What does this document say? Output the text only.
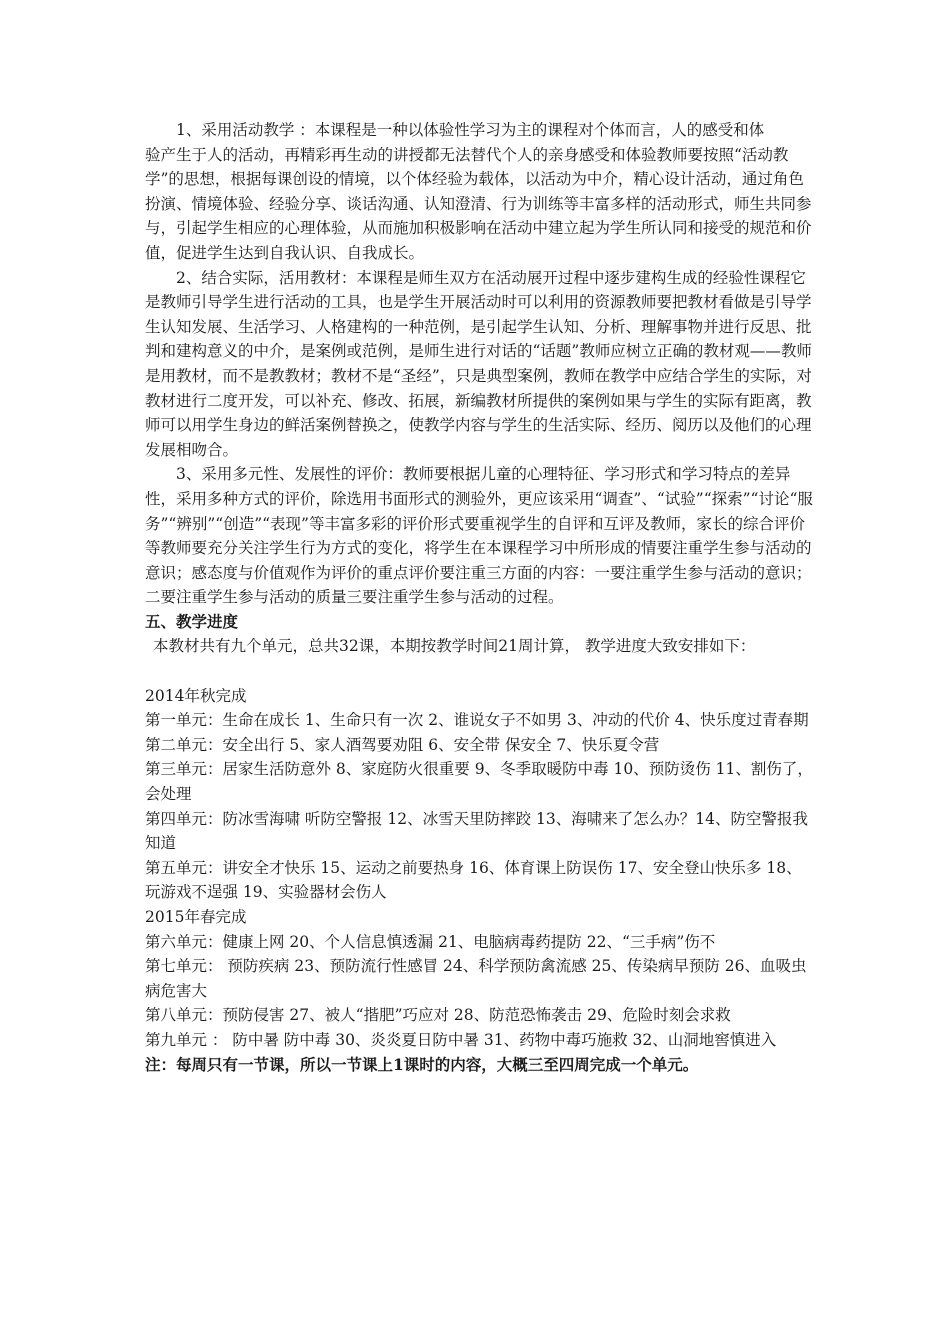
1、采用活动教学 ：本课程是一种以体验性学习为主的课程对个体而言，人的感受和体

验产生于人的活动，再精彩再生动的讲授都无法替代个人的亲身感受和体验教师要按照“活动教学”的思想，根据每课创设的情境，以个体经验为载体，以活动为中介，精心设计活动，通过角色扮演、情境体验、经验分享、谈话沟通、认知澄清、行为训练等丰富多样的活动形式，师生共同参与，引起学生相应的心理体验，从而施加积极影响在活动中建立起为学生所认同和接受的规范和价值，促进学生达到自我认识、自我成长。

2、结合实际，活用教材：本课程是师生双方在活动展开过程中逐步建构生成的经验性课程它是教师引导学生进行活动的工具，也是学生开展活动时可以利用的资源教师要把教材看做是引导学生认知发展、生活学习、人格建构的一种范例，是引起学生认知、分析、理解事物并进行反思、批判和建构意义的中介，是案例或范例，是师生进行对话的“话题”教师应树立正确的教材观——教师是用教材，而不是教教材；教材不是“圣经”，只是典型案例，教师在教学中应结合学生的实际，对教材进行二度开发，可以补充、修改、拓展，新编教材所提供的案例如果与学生的实际有距离，教师可以用学生身边的鲜活案例替换之，使教学内容与学生的生活实际、经历、阅历以及他们的心理发展相吻合。

3、采用多元性、发展性的评价：教师要根据儿童的心理特征、学习形式和学习特点的差异性，采用多种方式的评价，除选用书面形式的测验外，更应该采用“调查”、“试验”“探索”“讨论“服务”“辨别”“创造”“表现”等丰富多彩的评价形式要重视学生的自评和互评及教师，家长的综合评价等教师要充分关注学生行为方式的变化，将学生在本课程学习中所形成的情要注重学生参与活动的意识；感态度与价值观作为评价的重点评价要注重三方面的内容：一要注重学生参与活动的意识；二要注重学生参与活动的质量三要注重学生参与活动的过程。

五、教学进度

本教材共有九个单元，总共32课，本期按教学时间21周计算， 教学进度大致安排如下：

2014年秋完成

第一单元：生命在成长 1、生命只有一次 2、谁说女子不如男 3、冲动的代价 4、快乐度过青春期

第二单元：安全出行 5、家人酒驾要劝阻 6、安全带 保安全 7、快乐夏令营

第三单元：居家生活防意外 8、家庭防火很重要 9、冬季取暖防中毒 10、预防烫伤 11、割伤了，会处理

第四单元：防冰雪海啸 听防空警报 12、冰雪天里防摔跤 13、海啸来了怎么办？14、防空警报我知道

第五单元：讲安全才快乐 15、运动之前要热身 16、体育课上防误伤 17、安全登山快乐多 18、玩游戏不逞强 19、实验器材会伤人

2015年春完成

第六单元：健康上网 20、个人信息慎透漏 21、电脑病毒药提防 22、“三手病”伤不

第七单元： 预防疾病 23、预防流行性感冒 24、科学预防禽流感 25、传染病早预防 26、血吸虫病危害大

第八单元：预防侵害 27、被人“揩肥”巧应对 28、防范恐怖袭击 29、危险时刻会求救

第九单元 ： 防中暑 防中毒 30、炎炎夏日防中暑 31、药物中毒巧施救 32、山洞地窖慎进入

注：每周只有一节课，所以一节课上1课时的内容，大概三至四周完成一个单元。
